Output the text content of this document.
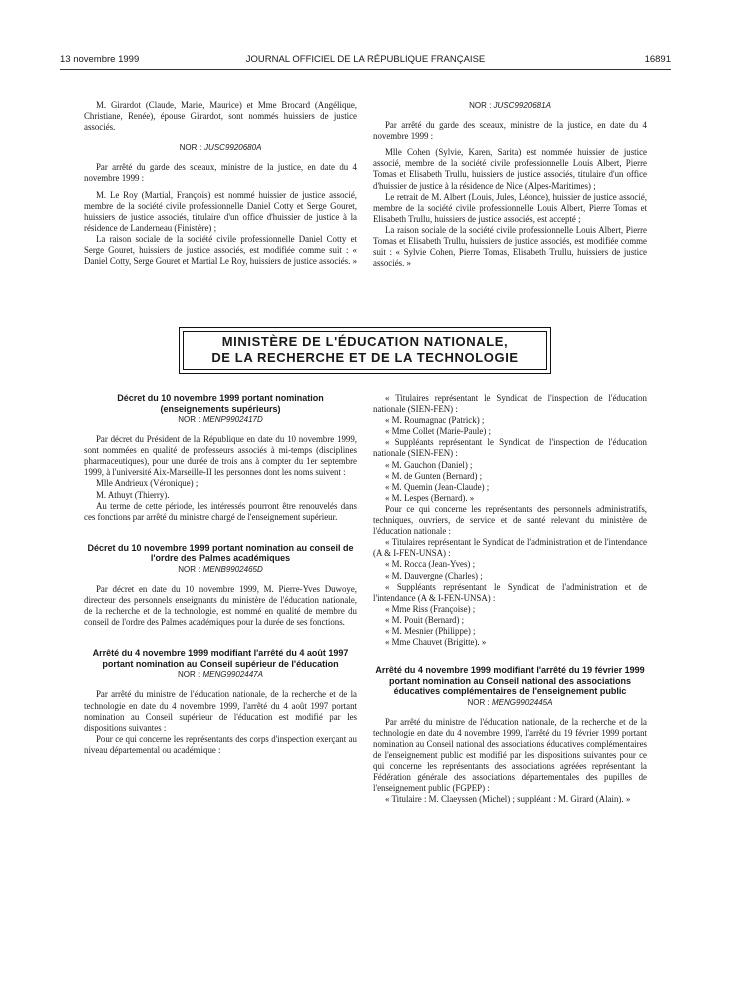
13 novembre 1999	JOURNAL OFFICIEL DE LA RÉPUBLIQUE FRANÇAISE	16891

M. Girardot (Claude, Marie, Maurice) et Mme Brocard (Angélique, Christiane, Renée), épouse Girardot, sont nommés huissiers de justice associés.

NOR : JUSC9920680A

Par arrêté du garde des sceaux, ministre de la justice, en date du 4 novembre 1999 :

M. Le Roy (Martial, François) est nommé huissier de justice associé, membre de la société civile professionnelle Daniel Cotty et Serge Gouret, huissiers de justice associés, titulaire d'un office d'huissier de justice à la résidence de Landerneau (Finistère) ;

La raison sociale de la société civile professionnelle Daniel Cotty et Serge Gouret, huissiers de justice associés, est modifiée comme suit : « Daniel Cotty, Serge Gouret et Martial Le Roy, huissiers de justice associés. »

NOR : JUSC9920681A

Par arrêté du garde des sceaux, ministre de la justice, en date du 4 novembre 1999 :

Mlle Cohen (Sylvie, Karen, Sarita) est nommée huissier de justice associé, membre de la société civile professionnelle Louis Albert, Pierre Tomas et Elisabeth Trullu, huissiers de justice associés, titulaire d'un office d'huissier de justice à la résidence de Nice (Alpes-Maritimes) ;

Le retrait de M. Albert (Louis, Jules, Léonce), huissier de justice associé, membre de la société civile professionnelle Louis Albert, Pierre Tomas et Elisabeth Trullu, huissiers de justice associés, est accepté ;

La raison sociale de la société civile professionnelle Louis Albert, Pierre Tomas et Elisabeth Trullu, huissiers de justice associés, est modifiée comme suit : « Sylvie Cohen, Pierre Tomas, Elisabeth Trullu, huissiers de justice associés. »

MINISTÈRE DE L'ÉDUCATION NATIONALE,
DE LA RECHERCHE ET DE LA TECHNOLOGIE

Décret du 10 novembre 1999 portant nomination (enseignements supérieurs)

NOR : MENP9902417D

Par décret du Président de la République en date du 10 novembre 1999, sont nommées en qualité de professeurs associés à mi-temps (disciplines pharmaceutiques), pour une durée de trois ans à compter du 1er septembre 1999, à l'université Aix-Marseille-II les personnes dont les noms suivent :

Mlle Andrieux (Véronique) ;

M. Athuyt (Thierry).

Au terme de cette période, les intéressés pourront être renouvelés dans ces fonctions par arrêté du ministre chargé de l'enseignement supérieur.

Décret du 10 novembre 1999 portant nomination au conseil de l'ordre des Palmes académiques

NOR : MENB9902465D

Par décret en date du 10 novembre 1999, M. Pierre-Yves Duwoye, directeur des personnels enseignants du ministère de l'éducation nationale, de la recherche et de la technologie, est nommé en qualité de membre du conseil de l'ordre des Palmes académiques pour la durée de ses fonctions.

Arrêté du 4 novembre 1999 modifiant l'arrêté du 4 août 1997 portant nomination au Conseil supérieur de l'éducation

NOR : MENG9902447A

Par arrêté du ministre de l'éducation nationale, de la recherche et de la technologie en date du 4 novembre 1999, l'arrêté du 4 août 1997 portant nomination au Conseil supérieur de l'éducation est modifié par les dispositions suivantes :

Pour ce qui concerne les représentants des corps d'inspection exerçant au niveau départemental ou académique :

« Titulaires représentant le Syndicat de l'inspection de l'éducation nationale (SIEN-FEN) :

« M. Roumagnac (Patrick) ;

« Mme Collet (Marie-Paule) ;

« Suppléants représentant le Syndicat de l'inspection de l'éducation nationale (SIEN-FEN) :

« M. Gauchon (Daniel) ;

« M. de Gunten (Bernard) ;

« M. Quemin (Jean-Claude) ;

« M. Lespes (Bernard). »

Pour ce qui concerne les représentants des personnels administratifs, techniques, ouvriers, de service et de santé relevant du ministère de l'éducation nationale :

« Titulaires représentant le Syndicat de l'administration et de l'intendance (A & I-FEN-UNSA) :

« M. Rocca (Jean-Yves) ;

« M. Dauvergne (Charles) ;

« Suppléants représentant le Syndicat de l'administration et de l'intendance (A & I-FEN-UNSA) :

« Mme Riss (Françoise) ;

« M. Pouit (Bernard) ;

« M. Mesnier (Philippe) ;

« Mme Chauvet (Brigitte). »

Arrêté du 4 novembre 1999 modifiant l'arrêté du 19 février 1999 portant nomination au Conseil national des associations éducatives complémentaires de l'enseignement public

NOR : MENG9902445A

Par arrêté du ministre de l'éducation nationale, de la recherche et de la technologie en date du 4 novembre 1999, l'arrêté du 19 février 1999 portant nomination au Conseil national des associations éducatives complémentaires de l'enseignement public est modifié par les dispositions suivantes pour ce qui concerne les représentants des associations agréées représentant la Fédération générale des associations départementales des pupilles de l'enseignement public (FGPEP) :

« Titulaire : M. Claeyssen (Michel) ; suppléant : M. Girard (Alain). »
